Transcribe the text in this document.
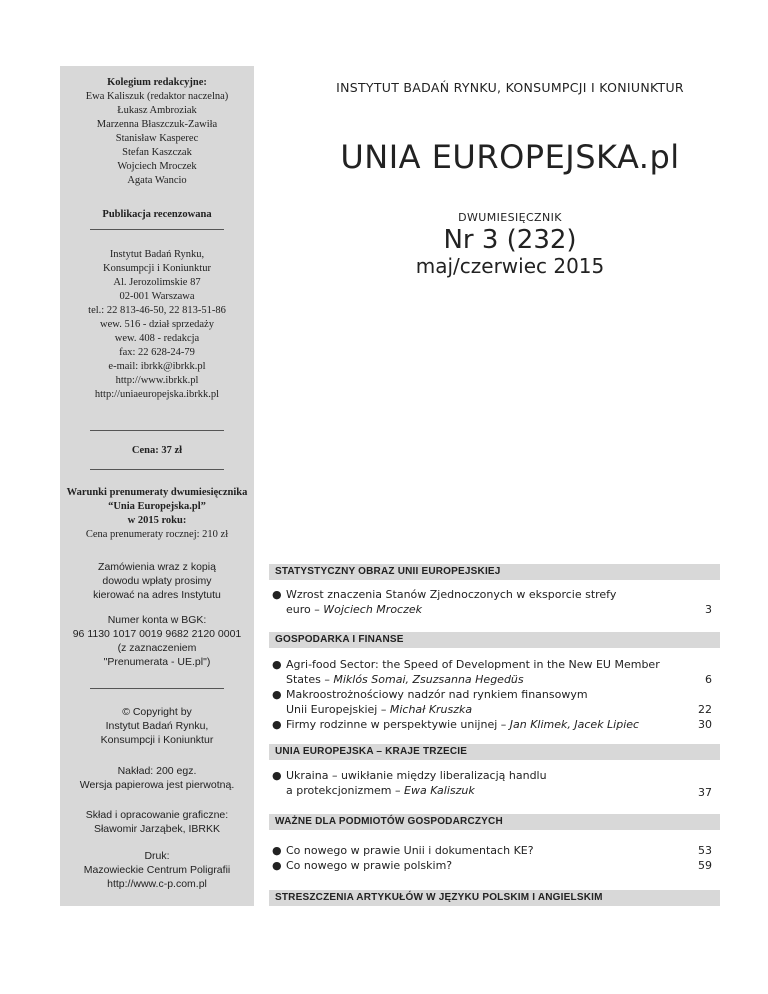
Kolegium redakcyjne:
Ewa Kaliszuk (redaktor naczelna)
Łukasz Ambroziak
Marzenna Błaszczuk-Zawiła
Stanisław Kasperec
Stefan Kaszczak
Wojciech Mroczek
Agata Wancio
Publikacja recenzowana
Instytut Badań Rynku,
Konsumpcji i Koniunktur
Al. Jerozolimskie 87
02-001 Warszawa
tel.: 22 813-46-50, 22 813-51-86
wew. 516 - dział sprzedaży
wew. 408 - redakcja
fax: 22 628-24-79
e-mail: ibrkk@ibrkk.pl
http://www.ibrkk.pl
http://uniaeuropejska.ibrkk.pl
Cena: 37 zł
Warunki prenumeraty dwumiesięcznika
“Unia Europejska.pl”
w 2015 roku:
Cena prenumeraty rocznej: 210 zł
Zamówienia wraz z kopią
dowodu wpłaty prosimy
kierować na adres Instytutu
Numer konta w BGK:
96 1130 1017 0019 9682 2120 0001
(z zaznaczeniem
"Prenumerata - UE.pl")
© Copyright by
Instytut Badań Rynku,
Konsumpcji i Koniunktur
Nakład: 200 egz.
Wersja papierowa jest pierwotną.
Skład i opracowanie graficzne:
Sławomir Jarząbek, IBRKK
Druk:
Mazowieckie Centrum Poligrafii
http://www.c-p.com.pl
INSTYTUT BADAŃ RYNKU, KONSUMPCJI I KONIUNKTUR
UNIA EUROPEJSKA.pl
DWUMIESIĘCZNIK
Nr 3 (232)
maj/czerwiec 2015
STATYSTYCZNY OBRAZ UNII EUROPEJSKIEJ
● Wzrost znaczenia Stanów Zjednoczonych w eksporcie strefy
euro – Wojciech Mroczek	3
GOSPODARKA I FINANSE
● Agri-food Sector: the Speed of Development in the New EU Member
States – Miklós Somai, Zsuzsanna Hegedüs	6
● Makroostrożnościowy nadzór nad rynkiem finansowym
Unii Europejskiej – Michał Kruszka	22
● Firmy rodzinne w perspektywie unijnej – Jan Klimek, Jacek Lipiec	30
UNIA EUROPEJSKA – KRAJE TRZECIE
● Ukraina – uwikłanie między liberalizacją handlu
a protekcjonizmem – Ewa Kaliszuk	37
WAŻNE DLA PODMIOTÓW GOSPODARCZYCH
● Co nowego w prawie Unii i dokumentach KE?	53
● Co nowego w prawie polskim?	59
STRESZCZENIA ARTYKUŁÓW W JĘZYKU POLSKIM I ANGIELSKIM
